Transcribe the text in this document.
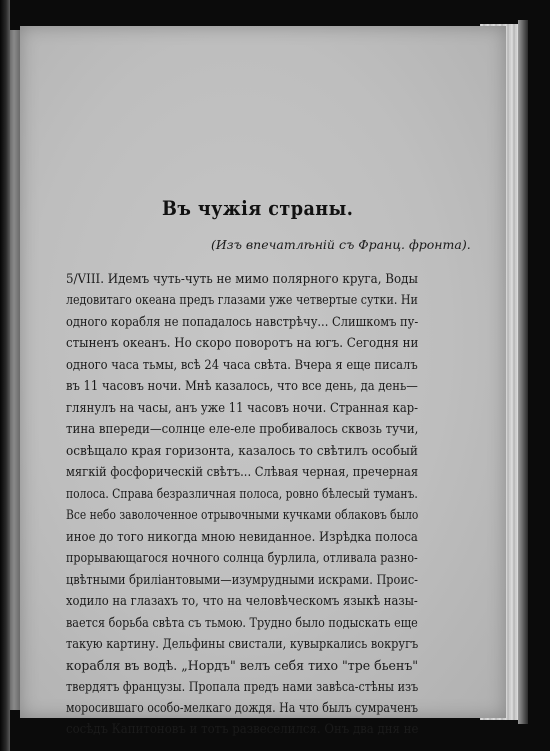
Въ чужiя страны.
(Изъ впечатлѣнiй съ Франц. фронта).
5/VIII. Идемъ чуть-чуть не мимо полярного круга, Воды
ледовитаго океана предъ глазами уже четвертые сутки. Ни
одного корабля не попадалось навстрѣчу... Слишкомъ пу-
стыненъ океанъ. Но скоро поворотъ на югъ. Сегодня ни
одного часа тьмы, всѣ 24 часа свѣта. Вчера я еще писалъ
въ 11 часовъ ночи. Мнѣ казалось, что все день, да день—
глянулъ на часы, анъ уже 11 часовъ ночи. Странная кар-
тина впереди—солнце еле-еле пробивалось сквозь тучи,
освѣщало края горизонта, казалось то свѣтилъ особый
мягкiй фосфорическiй свѣтъ... Слѣвая черная, пречерная
полоса. Справа безразличная полоса, ровно бѣлесый туманъ.
Все небо заволоченное отрывочными кучками облаковъ было
иное до того никогда мною невиданное. Изрѣдка полоса
прорывающагося ночного солнца бурлила, отливала разно-
цвѣтными брилiантовыми—изумрудными искрами. Проис-
ходило на глазахъ то, что на человѣческомъ языкѣ назы-
вается борьба свѣта съ тьмою. Трудно было подыскать еще
такую картину. Дельфины свистали, кувыркались вокругъ
корабля въ водѣ. „Нордъ" велъ себя тихо "тре бьенъ"
твердятъ французы. Пропала предъ нами завѣса-стѣны изъ
моросившаго особо-мелкаго дождя. На что былъ сумраченъ
сосѣдъ Капитоновъ и тотъ развеселился. Онъ два дня не
